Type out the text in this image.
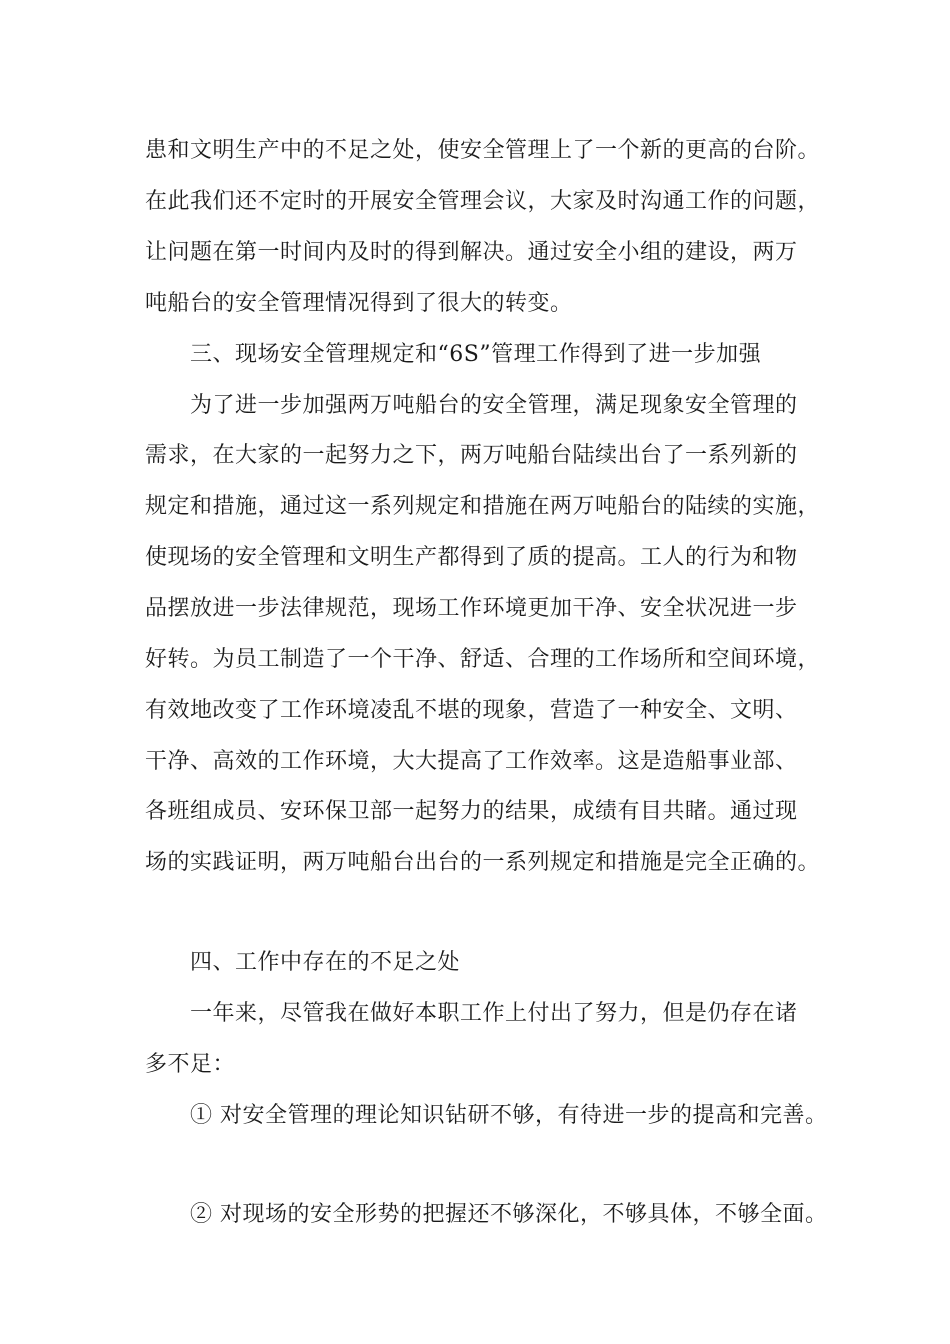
患和文明生产中的不足之处，使安全管理上了一个新的更高的台阶。
在此我们还不定时的开展安全管理会议，大家及时沟通工作的问题，
让问题在第一时间内及时的得到解决。通过安全小组的建设，两万
吨船台的安全管理情况得到了很大的转变。
三、现场安全管理规定和“6S”管理工作得到了进一步加强
为了进一步加强两万吨船台的安全管理，满足现象安全管理的
需求，在大家的一起努力之下，两万吨船台陆续出台了一系列新的
规定和措施，通过这一系列规定和措施在两万吨船台的陆续的实施，
使现场的安全管理和文明生产都得到了质的提高。工人的行为和物
品摆放进一步法律规范，现场工作环境更加干净、安全状况进一步
好转。为员工制造了一个干净、舒适、合理的工作场所和空间环境，
有效地改变了工作环境凌乱不堪的现象，营造了一种安全、文明、
干净、高效的工作环境，大大提高了工作效率。这是造船事业部、
各班组成员、安环保卫部一起努力的结果，成绩有目共睹。通过现
场的实践证明，两万吨船台出台的一系列规定和措施是完全正确的。
四、工作中存在的不足之处
一年来，尽管我在做好本职工作上付出了努力，但是仍存在诸
多不足：
① 对安全管理的理论知识钻研不够，有待进一步的提高和完善。
② 对现场的安全形势的把握还不够深化，不够具体，不够全面。
